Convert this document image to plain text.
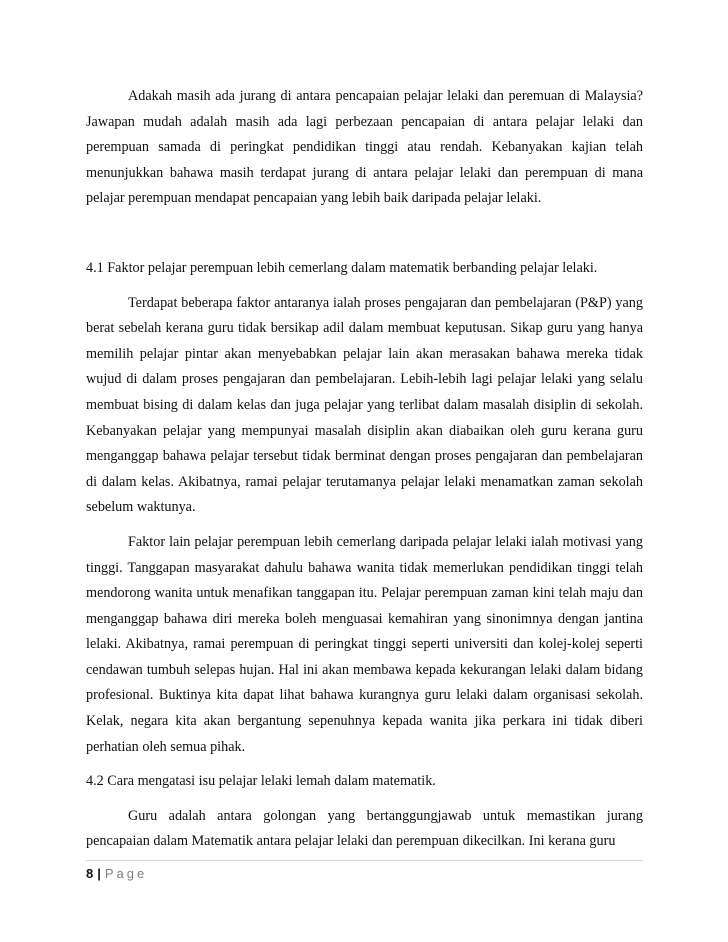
Adakah masih ada jurang di antara pencapaian pelajar lelaki dan peremuan di Malaysia? Jawapan mudah adalah masih ada lagi perbezaan pencapaian di antara pelajar lelaki dan perempuan samada di peringkat pendidikan tinggi atau rendah. Kebanyakan kajian telah menunjukkan bahawa masih terdapat jurang di antara pelajar lelaki dan perempuan di mana pelajar perempuan mendapat pencapaian yang lebih baik daripada pelajar lelaki.

4.1 Faktor pelajar perempuan lebih cemerlang dalam matematik berbanding pelajar lelaki.

Terdapat beberapa faktor antaranya ialah proses pengajaran dan pembelajaran (P&P) yang berat sebelah kerana guru tidak bersikap adil dalam membuat keputusan. Sikap guru yang hanya memilih pelajar pintar akan menyebabkan pelajar lain akan merasakan bahawa mereka tidak wujud di dalam proses pengajaran dan pembelajaran. Lebih-lebih lagi pelajar lelaki yang selalu membuat bising di dalam kelas dan juga pelajar yang terlibat dalam masalah disiplin di sekolah. Kebanyakan pelajar yang mempunyai masalah disiplin akan diabaikan oleh guru kerana guru menganggap bahawa pelajar tersebut tidak berminat dengan proses pengajaran dan pembelajaran di dalam kelas. Akibatnya, ramai pelajar terutamanya pelajar lelaki menamatkan zaman sekolah sebelum waktunya.

Faktor lain pelajar perempuan lebih cemerlang daripada pelajar lelaki ialah motivasi yang tinggi. Tanggapan masyarakat dahulu bahawa wanita tidak memerlukan pendidikan tinggi telah mendorong wanita untuk menafikan tanggapan itu. Pelajar perempuan zaman kini telah maju dan menganggap bahawa diri mereka boleh menguasai kemahiran yang sinonimnya dengan jantina lelaki. Akibatnya, ramai perempuan di peringkat tinggi seperti universiti dan kolej-kolej seperti cendawan tumbuh selepas hujan. Hal ini akan membawa kepada kekurangan lelaki dalam bidang profesional. Buktinya kita dapat lihat bahawa kurangnya guru lelaki dalam organisasi sekolah. Kelak, negara kita akan bergantung sepenuhnya kepada wanita jika perkara ini tidak diberi perhatian oleh semua pihak.

4.2 Cara mengatasi isu pelajar lelaki lemah dalam matematik.

Guru adalah antara golongan yang bertanggungjawab untuk memastikan jurang pencapaian dalam Matematik antara pelajar lelaki dan perempuan dikecilkan. Ini kerana guru

8 | Page
